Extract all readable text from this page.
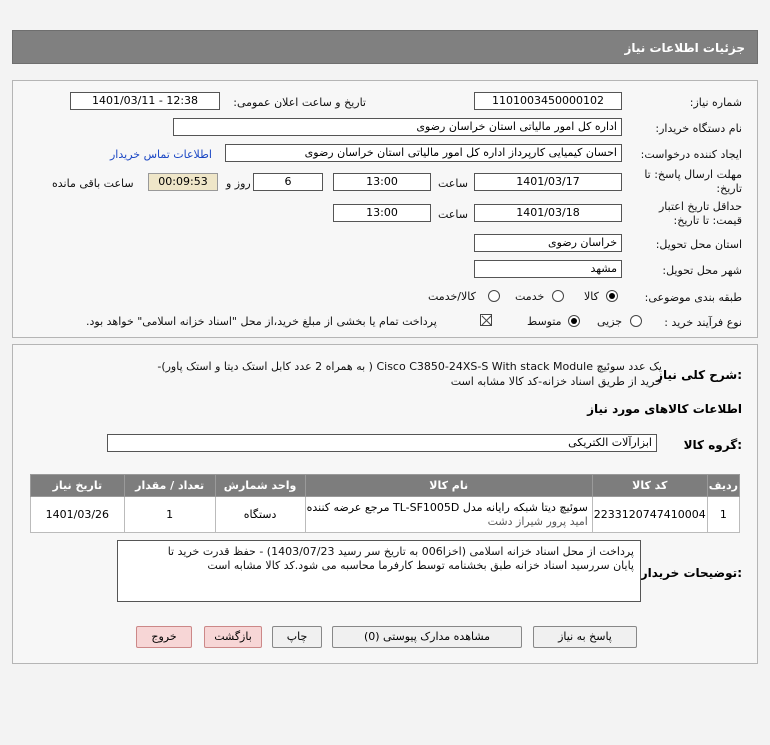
جزئیات اطلاعات نیاز
شماره نیاز:
1101003450000102
تاریخ و ساعت اعلان عمومی:
1401/03/11 - 12:38
نام دستگاه خریدار:
اداره کل امور مالیاتی استان خراسان رضوی
ایجاد کننده درخواست:
احسان کیمیایی کارپرداز اداره کل امور مالیاتی استان خراسان رضوی
اطلاعات تماس خریدار
مهلت ارسال پاسخ: تا
تاریخ:
1401/03/17
ساعت
13:00
6
روز و
00:09:53
ساعت باقی مانده
حداقل تاریخ اعتبار
قیمت: تا تاریخ:
1401/03/18
ساعت
13:00
استان محل تحویل:
خراسان رضوی
شهر محل تحویل:
مشهد
طبقه بندی موضوعی:
کالا
خدمت
کالا/خدمت
نوع فرآیند خرید :
جزیی
متوسط
پرداخت تمام یا بخشی از مبلغ خرید،از محل "اسناد خزانه اسلامی" خواهد بود.
شرح کلی نیاز:
یک عدد سوئیچ Cisco C3850-24XS-S With stack Module ( به همراه 2 عدد کابل استک دیتا و استک پاور)-
خرید از طریق اسناد خزانه-کد کالا مشابه است
اطلاعات کالاهای مورد نیاز
گروه کالا:
ابزارآلات الکتریکی
ردیف	کد کالا	نام کالا	واحد شمارش	تعداد / مقدار	تاریخ نیاز
1	2233120747410004	سوئیچ دیتا شبکه رایانه مدل TL-SF1005D مرجع عرضه کننده
امید پرور شیراز دشت	دستگاه	1	1401/03/26
توضیحات خریدار:
پرداخت از محل اسناد خزانه اسلامی (اخزا006 به تاریخ سر رسید 1403/07/23) - حفظ قدرت خرید تا
پایان سررسید اسناد خزانه طبق بخشنامه توسط کارفرما محاسبه می شود.کد کالا مشابه است
پاسخ به نیاز
مشاهده مدارک پیوستی (0)
چاپ
بازگشت
خروج
